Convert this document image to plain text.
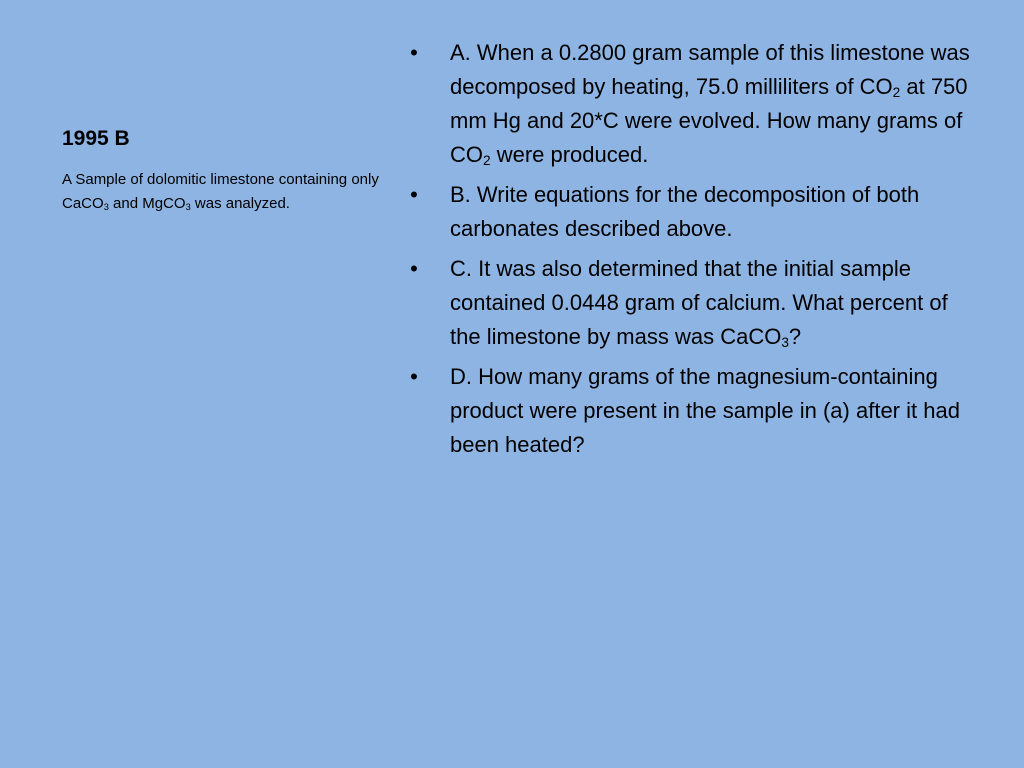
1995 B
A Sample of dolomitic limestone containing only CaCO$_3$ and MgCO$_3$ was analyzed.
• A. When a 0.2800 gram sample of this limestone was decomposed by heating, 75.0 milliliters of $CO_2$ at 750 mm Hg and 20*C were evolved. How many grams of $CO_2$ were produced.
• B. Write equations for the decomposition of both carbonates described above.
• C. It was also determined that the initial sample contained 0.0448 gram of calcium. What percent of the limestone by mass was CaCO$_3$?
• D. How many grams of the magnesium-containing product were present in the sample in (a) after it had been heated?
